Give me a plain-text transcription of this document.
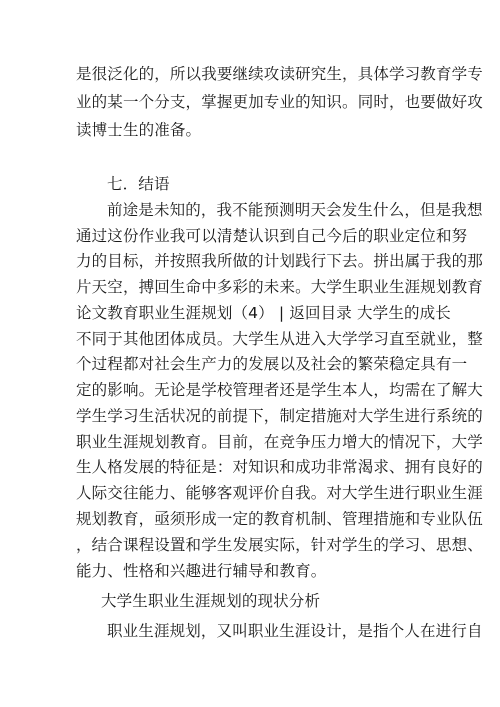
是很泛化的，所以我要继续攻读研究生，具体学习教育学专
业的某一个分支，掌握更加专业的知识。同时，也要做好攻
读博士生的准备。
七．结语
前途是未知的，我不能预测明天会发生什么，但是我想
通过这份作业我可以清楚认识到自己今后的职业定位和努
力的目标，并按照我所做的计划践行下去。拼出属于我的那
片天空，搏回生命中多彩的未来。大学生职业生涯规划教育
论文教育职业生涯规划（4） | 返回目录 大学生的成长
不同于其他团体成员。大学生从进入大学学习直至就业，整
个过程都对社会生产力的发展以及社会的繁荣稳定具有一
定的影响。无论是学校管理者还是学生本人，均需在了解大
学生学习生活状况的前提下，制定措施对大学生进行系统的
职业生涯规划教育。目前，在竞争压力增大的情况下，大学
生人格发展的特征是：对知识和成功非常渴求、拥有良好的
人际交往能力、能够客观评价自我。对大学生进行职业生涯
规划教育，亟须形成一定的教育机制、管理措施和专业队伍
，结合课程设置和学生发展实际，针对学生的学习、思想、
能力、性格和兴趣进行辅导和教育。
大学生职业生涯规划的现状分析
职业生涯规划，又叫职业生涯设计，是指个人在进行自
